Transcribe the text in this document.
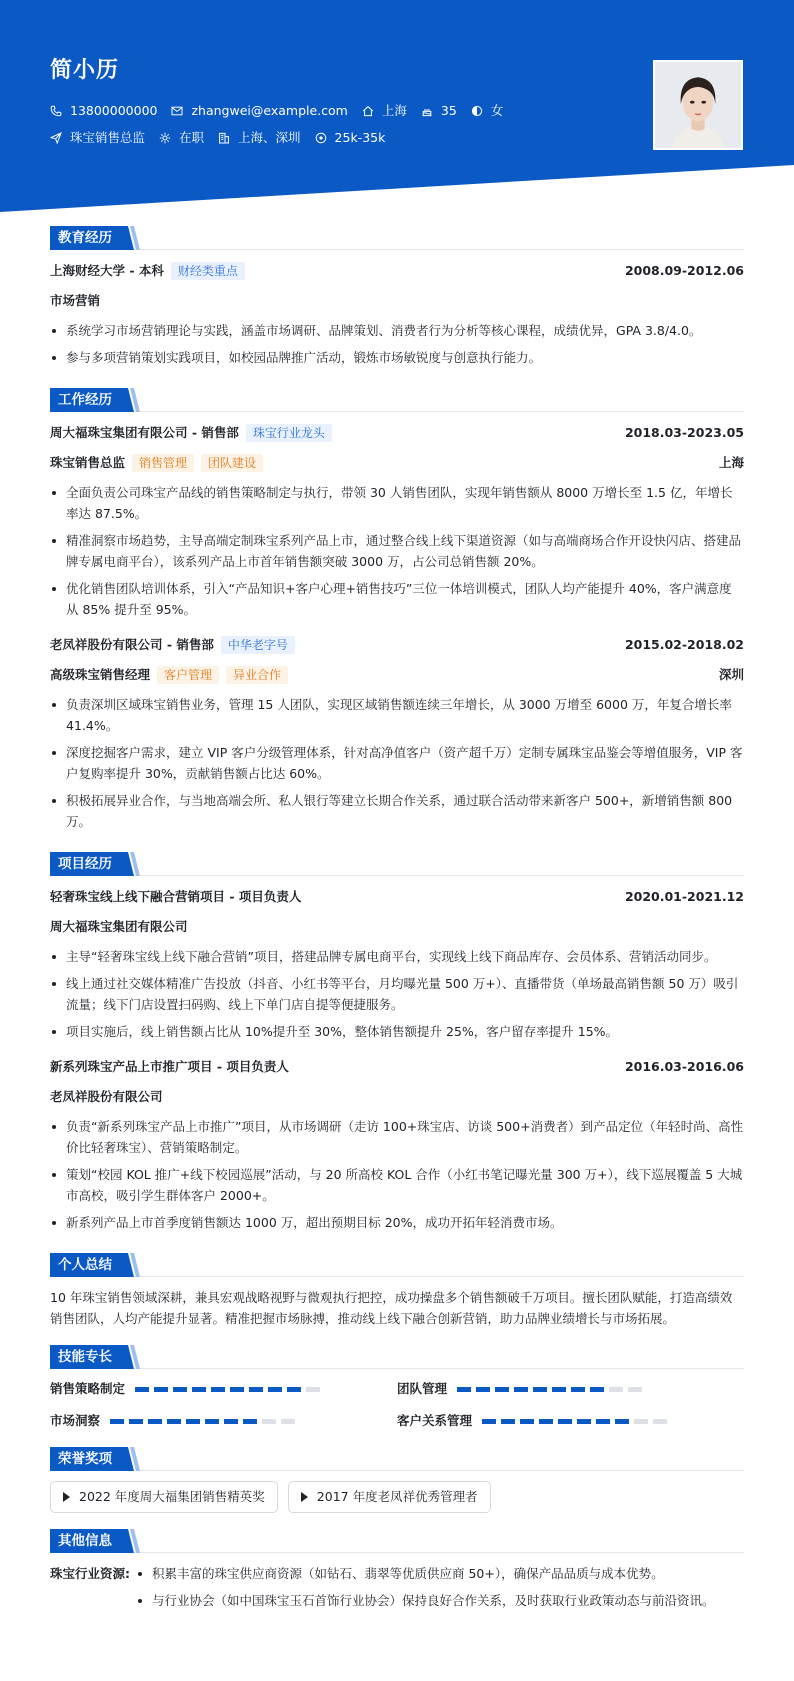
简小历
13800000000	zhangwei@example.com	上海	35	女
珠宝销售总监	在职	上海、深圳	25k-35k
教育经历
上海财经大学 - 本科	财经类重点	2008.09-2012.06
市场营销
系统学习市场营销理论与实践，涵盖市场调研、品牌策划、消费者行为分析等核心课程，成绩优异，GPA 3.8/4.0。
参与多项营销策划实践项目，如校园品牌推广活动，锻炼市场敏锐度与创意执行能力。
工作经历
周大福珠宝集团有限公司 - 销售部	珠宝行业龙头	2018.03-2023.05
珠宝销售总监	销售管理	团队建设	上海
全面负责公司珠宝产品线的销售策略制定与执行，带领 30 人销售团队，实现年销售额从 8000 万增长至 1.5 亿，年增长率达 87.5%。
精准洞察市场趋势，主导高端定制珠宝系列产品上市，通过整合线上线下渠道资源（如与高端商场合作开设快闪店、搭建品牌专属电商平台），该系列产品上市首年销售额突破 3000 万，占公司总销售额 20%。
优化销售团队培训体系，引入“产品知识+客户心理+销售技巧”三位一体培训模式，团队人均产能提升 40%，客户满意度从 85% 提升至 95%。
老凤祥股份有限公司 - 销售部	中华老字号	2015.02-2018.02
高级珠宝销售经理	客户管理	异业合作	深圳
负责深圳区域珠宝销售业务，管理 15 人团队，实现区域销售额连续三年增长，从 3000 万增至 6000 万，年复合增长率 41.4%。
深度挖掘客户需求，建立 VIP 客户分级管理体系，针对高净值客户（资产超千万）定制专属珠宝品鉴会等增值服务，VIP 客户复购率提升 30%，贡献销售额占比达 60%。
积极拓展异业合作，与当地高端会所、私人银行等建立长期合作关系，通过联合活动带来新客户 500+，新增销售额 800 万。
项目经历
轻奢珠宝线上线下融合营销项目 - 项目负责人	2020.01-2021.12
周大福珠宝集团有限公司
主导“轻奢珠宝线上线下融合营销”项目，搭建品牌专属电商平台，实现线上线下商品库存、会员体系、营销活动同步。
线上通过社交媒体精准广告投放（抖音、小红书等平台，月均曝光量 500 万+）、直播带货（单场最高销售额 50 万）吸引流量；线下门店设置扫码购、线上下单门店自提等便捷服务。
项目实施后，线上销售额占比从 10%提升至 30%，整体销售额提升 25%，客户留存率提升 15%。
新系列珠宝产品上市推广项目 - 项目负责人	2016.03-2016.06
老凤祥股份有限公司
负责“新系列珠宝产品上市推广”项目，从市场调研（走访 100+珠宝店、访谈 500+消费者）到产品定位（年轻时尚、高性价比轻奢珠宝）、营销策略制定。
策划“校园 KOL 推广+线下校园巡展”活动，与 20 所高校 KOL 合作（小红书笔记曝光量 300 万+），线下巡展覆盖 5 大城市高校，吸引学生群体客户 2000+。
新系列产品上市首季度销售额达 1000 万，超出预期目标 20%，成功开拓年轻消费市场。
个人总结

10 年珠宝销售领域深耕，兼具宏观战略视野与微观执行把控，成功操盘多个销售额破千万项目。擅长团队赋能，打造高绩效销售团队，人均产能提升显著。精准把握市场脉搏，推动线上线下融合创新营销，助力品牌业绩增长与市场拓展。

技能专长
销售策略制定	团队管理
市场洞察	客户关系管理
荣誉奖项
2022 年度周大福集团销售精英奖	2017 年度老凤祥优秀管理者
其他信息
珠宝行业资源:	积累丰富的珠宝供应商资源（如钻石、翡翠等优质供应商 50+），确保产品品质与成本优势。
与行业协会（如中国珠宝玉石首饰行业协会）保持良好合作关系，及时获取行业政策动态与前沿资讯。
